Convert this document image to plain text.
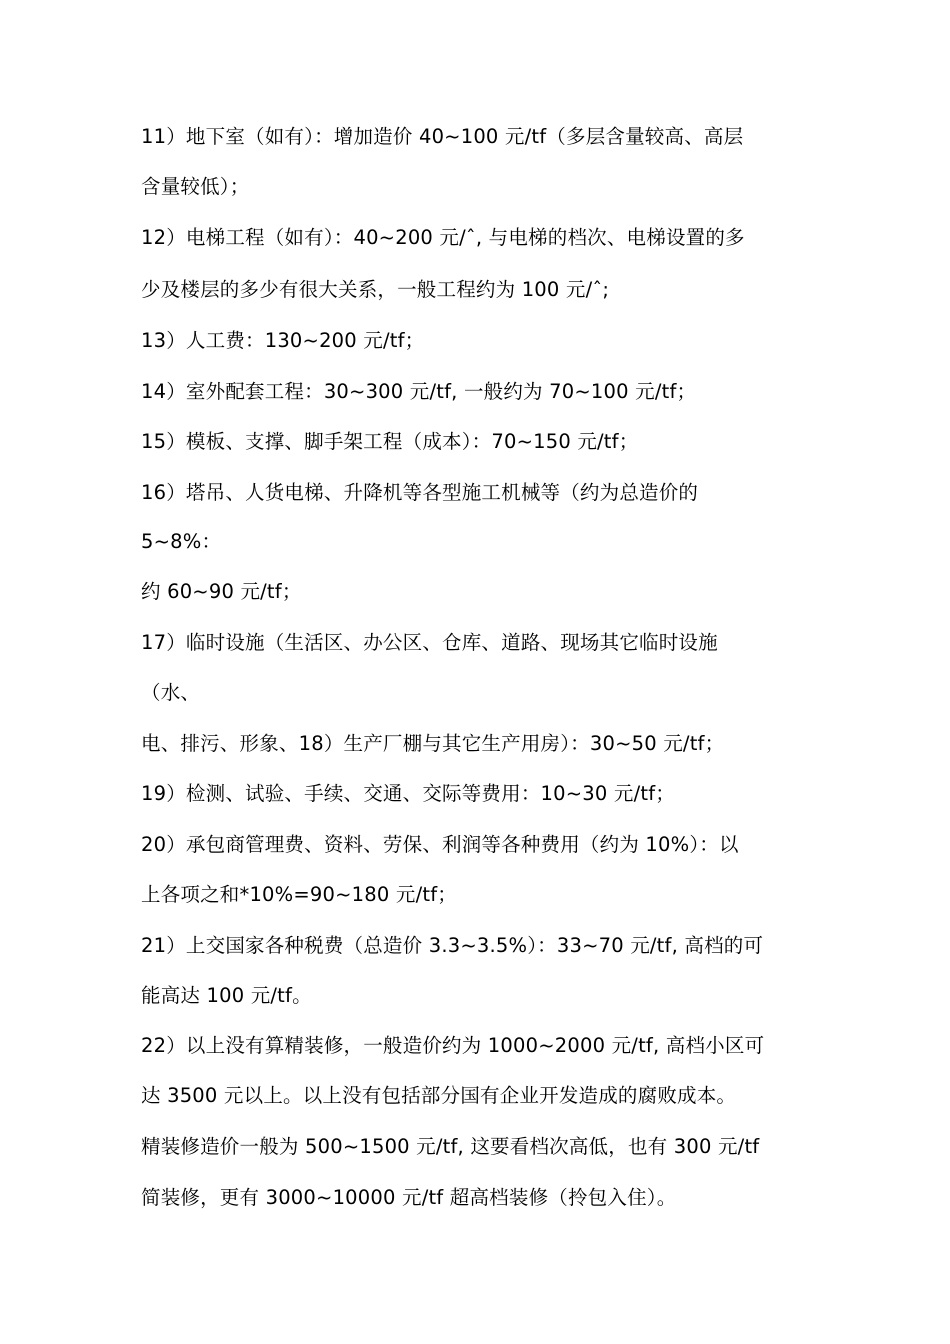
11）地下室（如有）：增加造价 40~100 元/tf（多层含量较高、高层
含量较低）；
12）电梯工程（如有）：40~200 元/ˆ, 与电梯的档次、电梯设置的多
少及楼层的多少有很大关系，一般工程约为 100 元/ˆ;
13）人工费：130~200 元/tf；
14）室外配套工程：30~300 元/tf, 一般约为 70~100 元/tf；
15）模板、支撑、脚手架工程（成本）：70~150 元/tf；
16）塔吊、人货电梯、升降机等各型施工机械等（约为总造价的
5~8%：
约 60~90 元/tf；
17）临时设施（生活区、办公区、仓库、道路、现场其它临时设施
（水、
电、排污、形象、18）生产厂棚与其它生产用房）：30~50 元/tf；
19）检测、试验、手续、交通、交际等费用：10~30 元/tf；
20）承包商管理费、资料、劳保、利润等各种费用（约为 10%）：以
上各项之和*10%=90~180 元/tf；
21）上交国家各种税费（总造价 3.3~3.5%）：33~70 元/tf, 高档的可
能高达 100 元/tf。
22）以上没有算精装修，一般造价约为 1000~2000 元/tf, 高档小区可
达 3500 元以上。以上没有包括部分国有企业开发造成的腐败成本。
精装修造价一般为 500~1500 元/tf, 这要看档次高低，也有 300 元/tf
简装修，更有 3000~10000 元/tf 超高档装修（拎包入住）。
